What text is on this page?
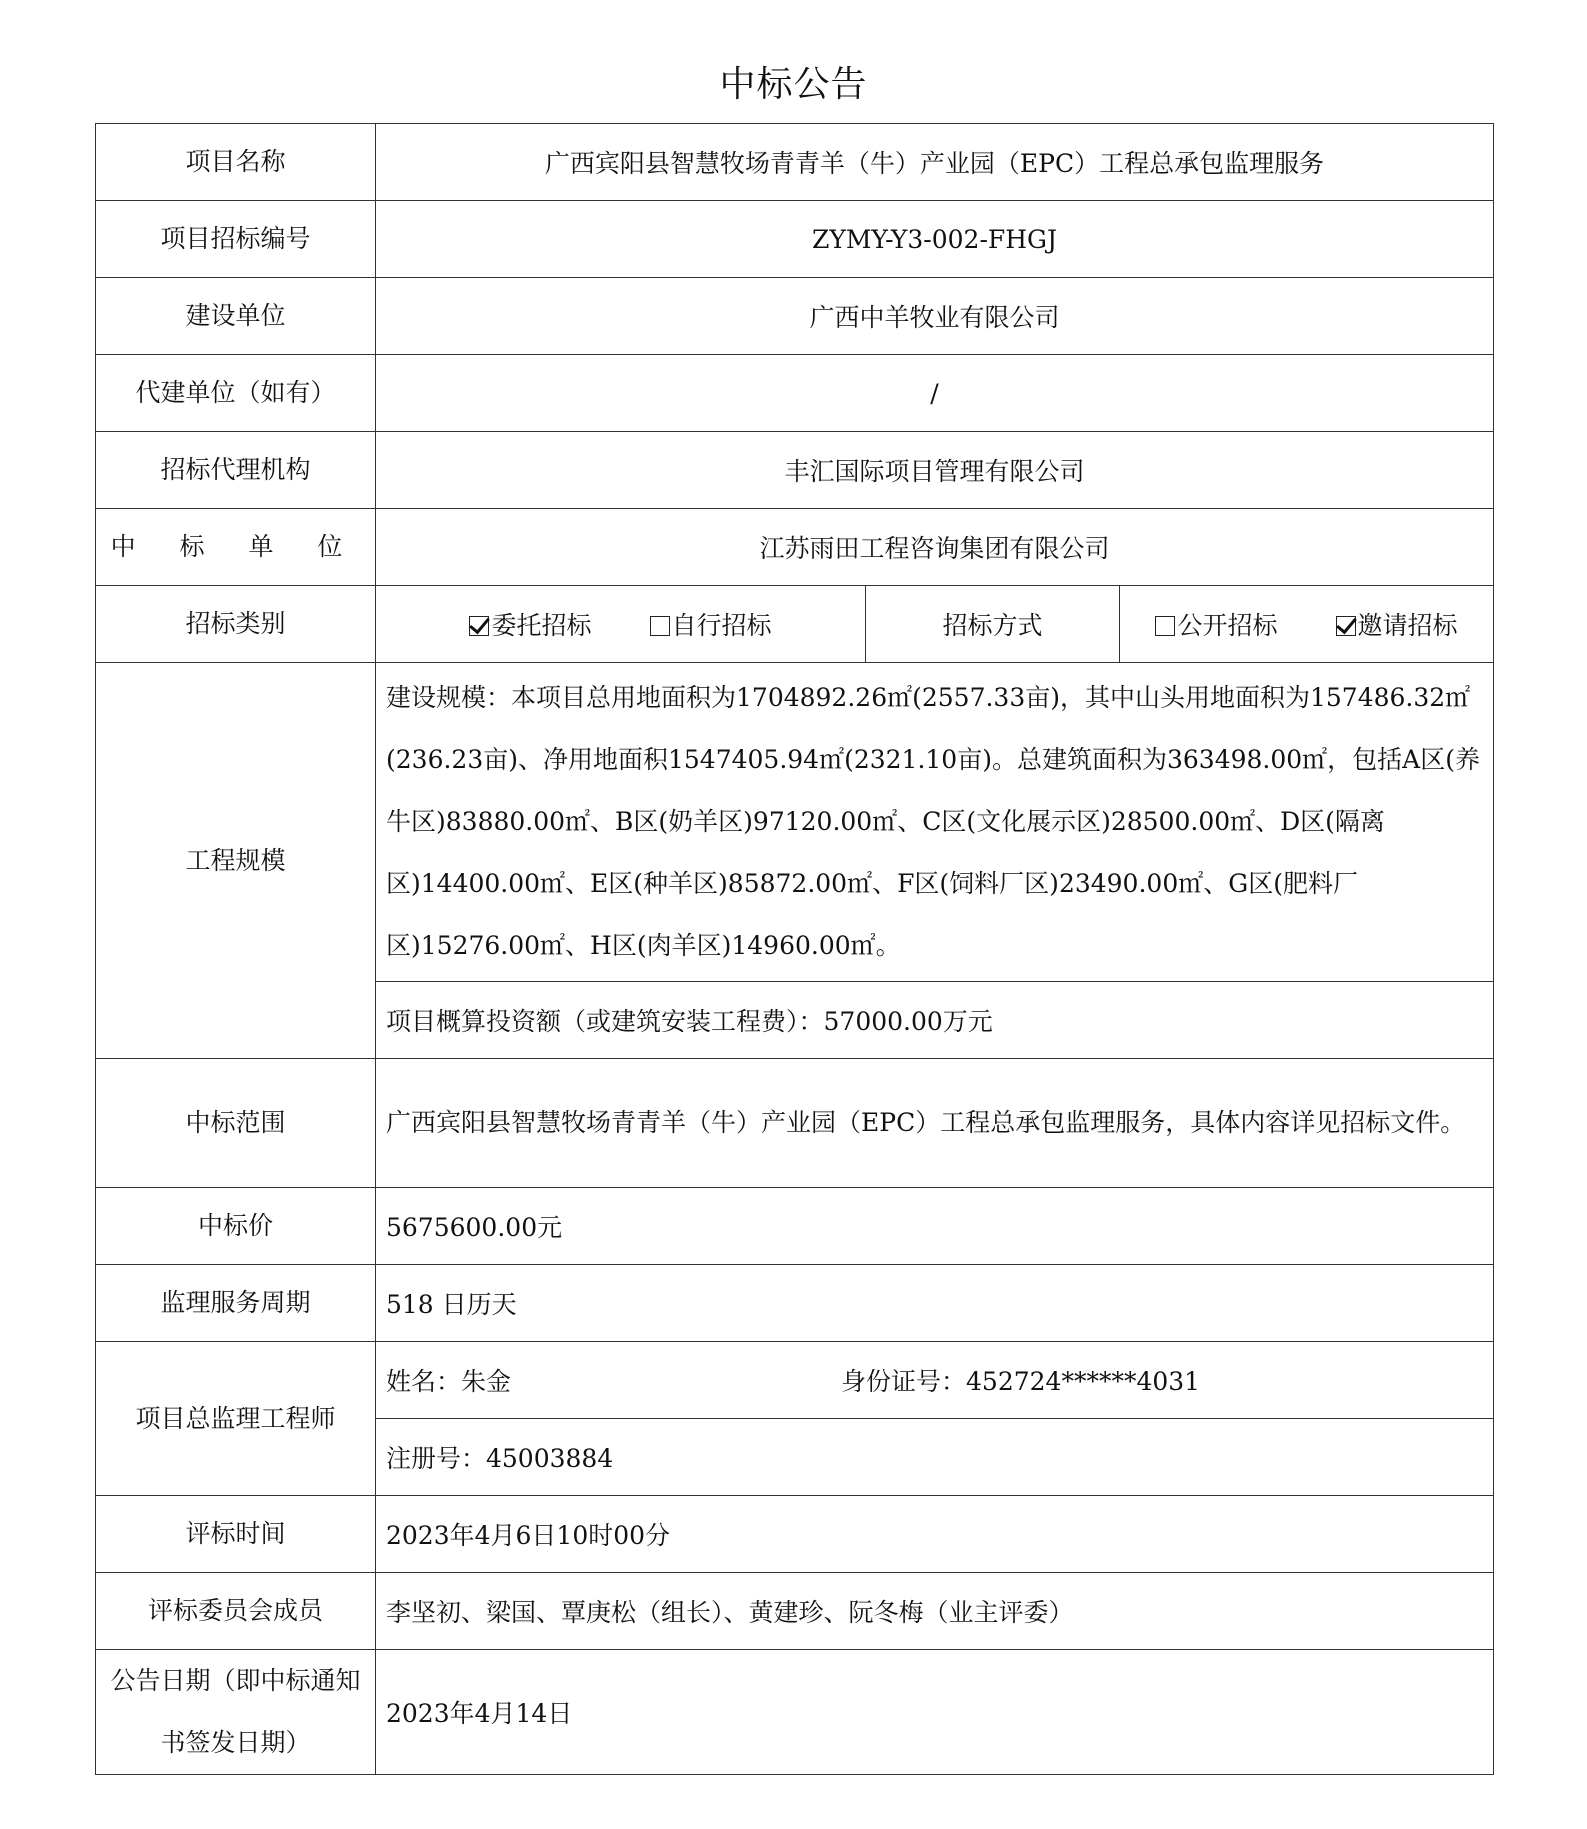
中标公告
项目名称	广西宾阳县智慧牧场青青羊（牛）产业园（EPC）工程总承包监理服务		
项目招标编号	ZYMY-Y3-002-FHGJ		
建设单位	广西中羊牧业有限公司		
代建单位（如有）	/		
招标代理机构	丰汇国际项目管理有限公司		
中 标 单 位	江苏雨田工程咨询集团有限公司		
招标类别	委托招标 自行招标	招标方式	公开招标 邀请招标
工程规模	建设规模：本项目总用地面积为1704892.26㎡(2557.33亩)，其中山头用地面积为157486.32㎡(236.23亩)、净用地面积1547405.94㎡(2321.10亩)。总建筑面积为363498.00㎡，包括A区(养牛区)83880.00㎡、B区(奶羊区)97120.00㎡、C区(文化展示区)28500.00㎡、D区(隔离区)14400.00㎡、E区(种羊区)85872.00㎡、F区(饲料厂区)23490.00㎡、G区(肥料厂区)15276.00㎡、H区(肉羊区)14960.00㎡。		
	项目概算投资额（或建筑安装工程费）：57000.00万元		
中标范围	广西宾阳县智慧牧场青青羊（牛）产业园（EPC）工程总承包监理服务，具体内容详见招标文件。		
中标价	5675600.00元		
监理服务周期	518 日历天		
项目总监理工程师	姓名：朱金 身份证号：452724******4031		
	注册号：45003884		
评标时间	2023年4月6日10时00分		
评标委员会成员	李坚初、梁国、覃庚松（组长）、黄建珍、阮冬梅（业主评委）		
公告日期（即中标通知书签发日期）	2023年4月14日		
